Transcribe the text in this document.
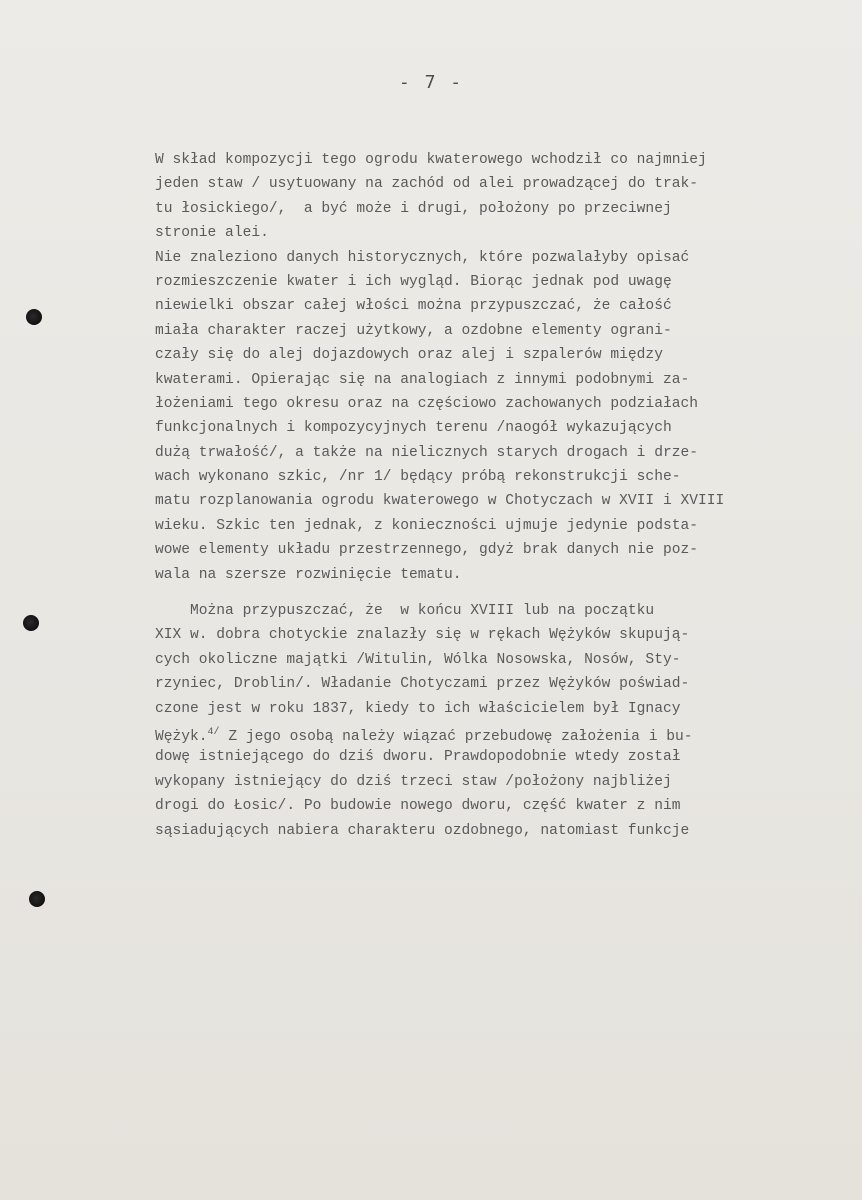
- 7 -
W skład kompozycji tego ogrodu kwaterowego wchodził co najmniej
jeden staw / usytuowany na zachód od alei prowadzącej do trak-
tu łosickiego/,  a być może i drugi, położony po przeciwnej
stronie alei.
Nie znaleziono danych historycznych, które pozwalałyby opisać
rozmieszczenie kwater i ich wygląd. Biorąc jednak pod uwagę
niewielki obszar całej włości można przypuszczać, że całość
miała charakter raczej użytkowy, a ozdobne elementy ograni-
czały się do alej dojazdowych oraz alej i szpalerów między
kwaterami. Opierając się na analogiach z innymi podobnymi za-
łożeniami tego okresu oraz na częściowo zachowanych podziałach
funkcjonalnych i kompozycyjnych terenu /naogół wykazujących
dużą trwałość/, a także na nielicznych starych drogach i drze-
wach wykonano szkic, /nr 1/ będący próbą rekonstrukcji sche-
matu rozplanowania ogrodu kwaterowego w Chotyczach w XVII i XVIII
wieku. Szkic ten jednak, z konieczności ujmuje jedynie podsta-
wowe elementy układu przestrzennego, gdyż brak danych nie poz-
wala na szersze rozwinięcie tematu.
Można przypuszczać, że  w końcu XVIII lub na początku
XIX w. dobra chotyckie znalazły się w rękach Wężyków skupują-
cych okoliczne majątki /Witulin, Wólka Nosowska, Nosów, Sty-
rzyniec, Droblin/. Władanie Chotyczami przez Wężyków poświad-
czone jest w roku 1837, kiedy to ich właścicielem był Ignacy
Wężyk.$^{4/}$ Z jego osobą należy wiązać przebudowę założenia i bu-
dowę istniejącego do dziś dworu. Prawdopodobnie wtedy został
wykopany istniejący do dziś trzeci staw /położony najbliżej
drogi do Łosic/. Po budowie nowego dworu, część kwater z nim
sąsiadujących nabiera charakteru ozdobnego, natomiast funkcje
